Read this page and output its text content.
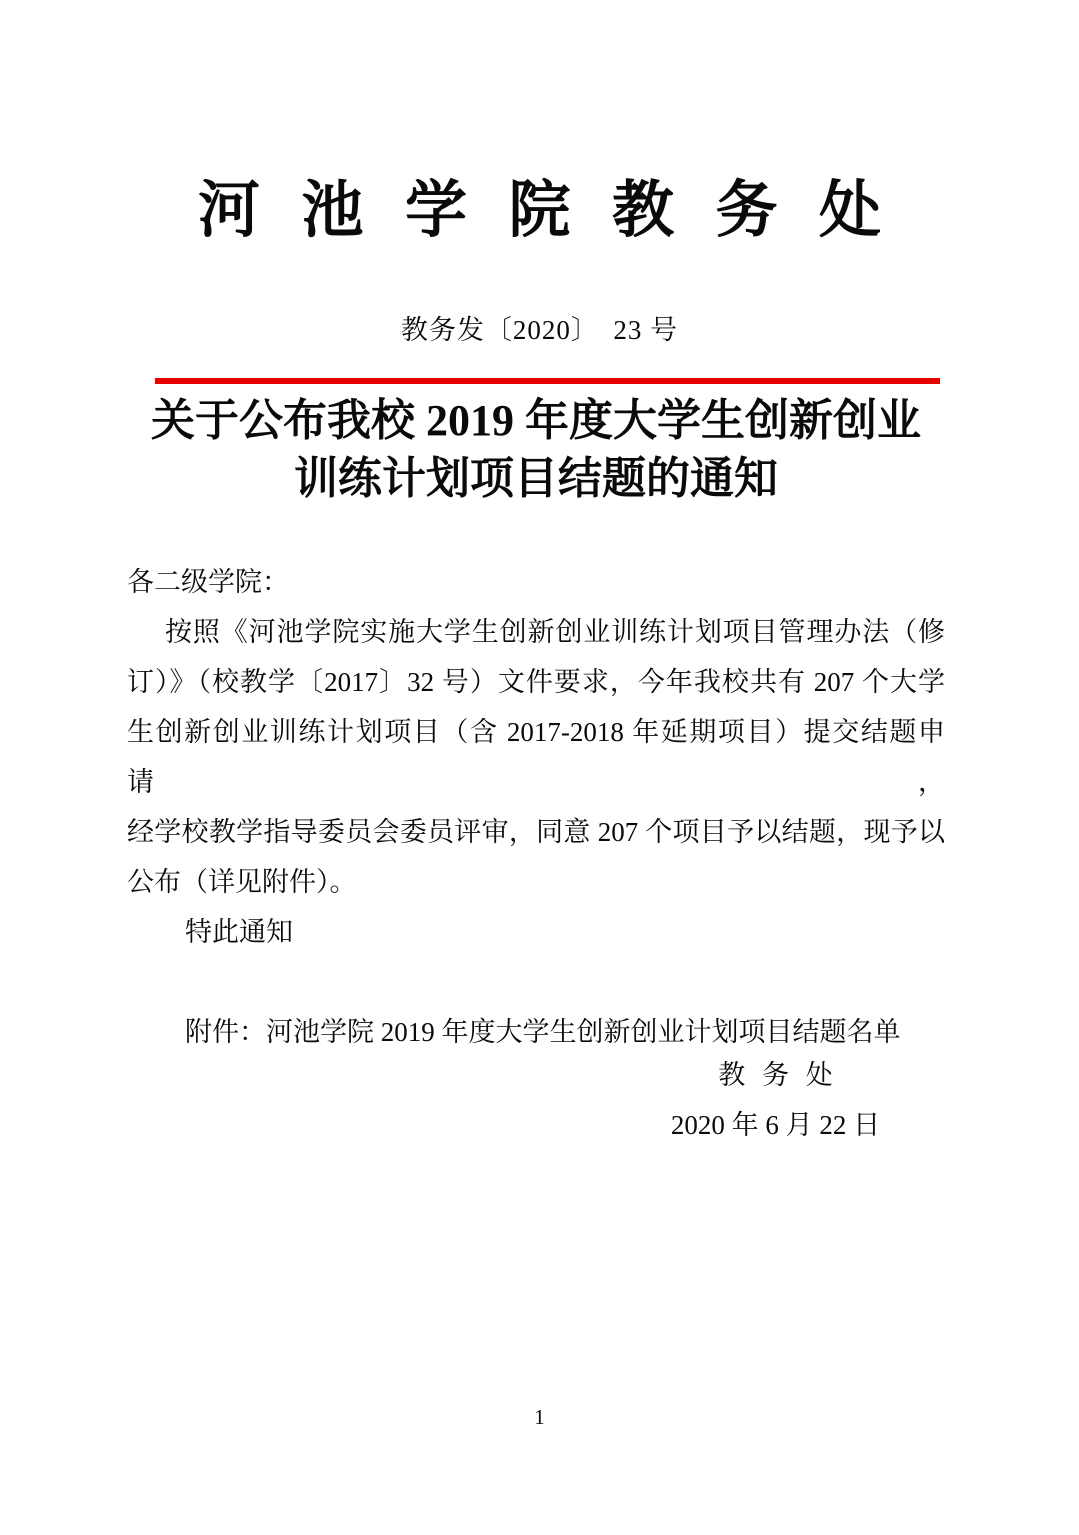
河 池 学 院 教 务 处
教务发〔2020〕　23 号
关于公布我校 2019 年度大学生创新创业
训练计划项目结题的通知
各二级学院：
按照《河池学院实施大学生创新创业训练计划项目管理办法（修
订）》（校教学〔2017〕32 号）文件要求，今年我校共有 207 个大学
生创新创业训练计划项目（含 2017-2018 年延期项目）提交结题申请，
经学校教学指导委员会委员评审，同意 207 个项目予以结题，现予以
公布（详见附件）。
特此通知
附件：河池学院 2019 年度大学生创新创业计划项目结题名单
教 务 处
2020 年 6 月 22 日
1
